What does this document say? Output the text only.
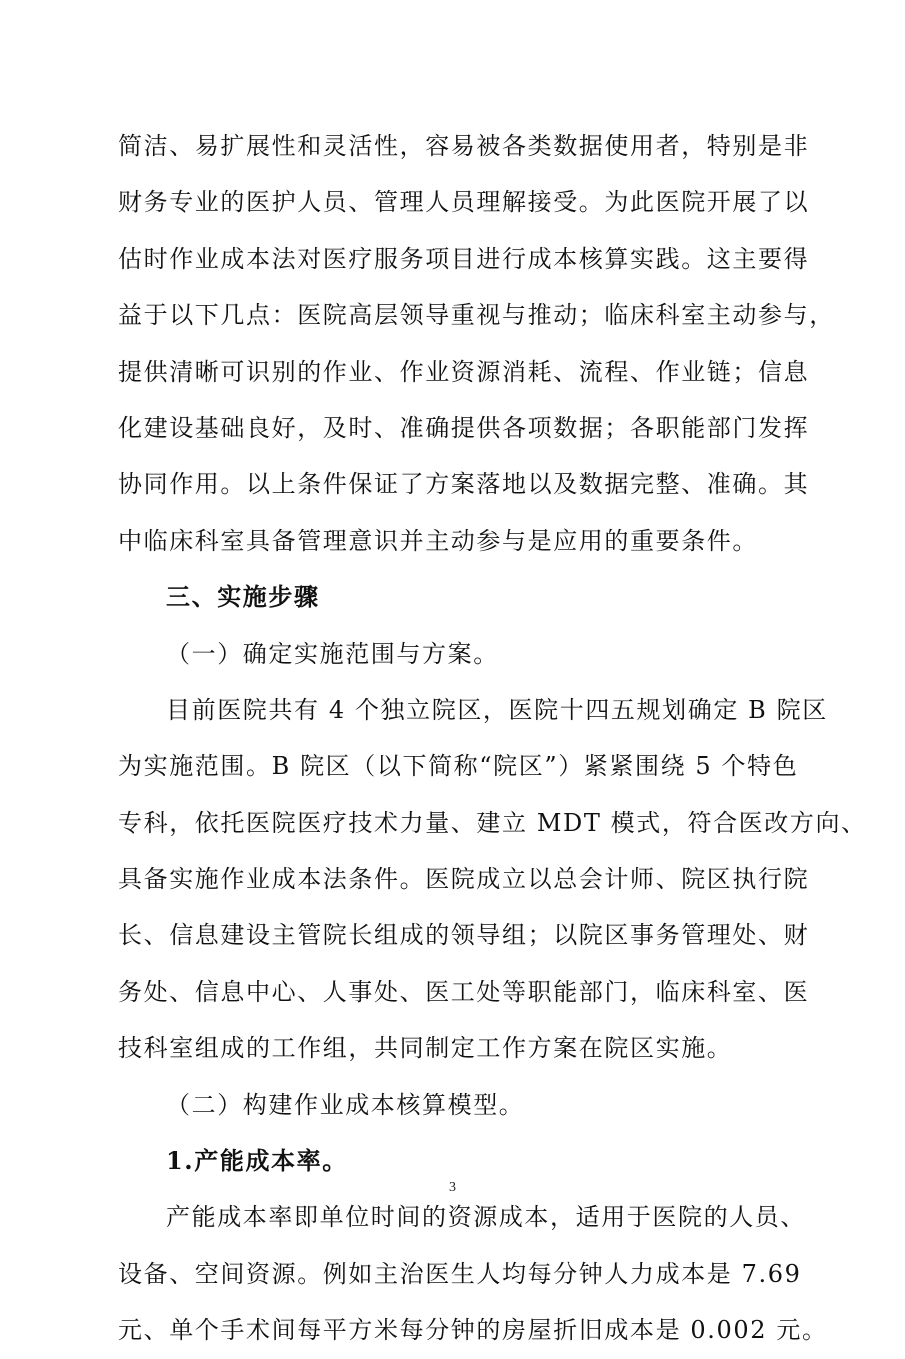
简洁、易扩展性和灵活性，容易被各类数据使用者，特别是非
财务专业的医护人员、管理人员理解接受。为此医院开展了以
估时作业成本法对医疗服务项目进行成本核算实践。这主要得
益于以下几点：医院高层领导重视与推动；临床科室主动参与，
提供清晰可识别的作业、作业资源消耗、流程、作业链；信息
化建设基础良好，及时、准确提供各项数据；各职能部门发挥
协同作用。以上条件保证了方案落地以及数据完整、准确。其
中临床科室具备管理意识并主动参与是应用的重要条件。
三、实施步骤
（一）确定实施范围与方案。
目前医院共有 4 个独立院区，医院十四五规划确定 B 院区
为实施范围。B 院区（以下简称“院区”）紧紧围绕 5 个特色
专科，依托医院医疗技术力量、建立 MDT 模式，符合医改方向、
具备实施作业成本法条件。医院成立以总会计师、院区执行院
长、信息建设主管院长组成的领导组；以院区事务管理处、财
务处、信息中心、人事处、医工处等职能部门，临床科室、医
技科室组成的工作组，共同制定工作方案在院区实施。
（二）构建作业成本核算模型。
1.产能成本率。
产能成本率即单位时间的资源成本，适用于医院的人员、
设备、空间资源。例如主治医生人均每分钟人力成本是 7.69
元、单个手术间每平方米每分钟的房屋折旧成本是 0.002 元。
3
